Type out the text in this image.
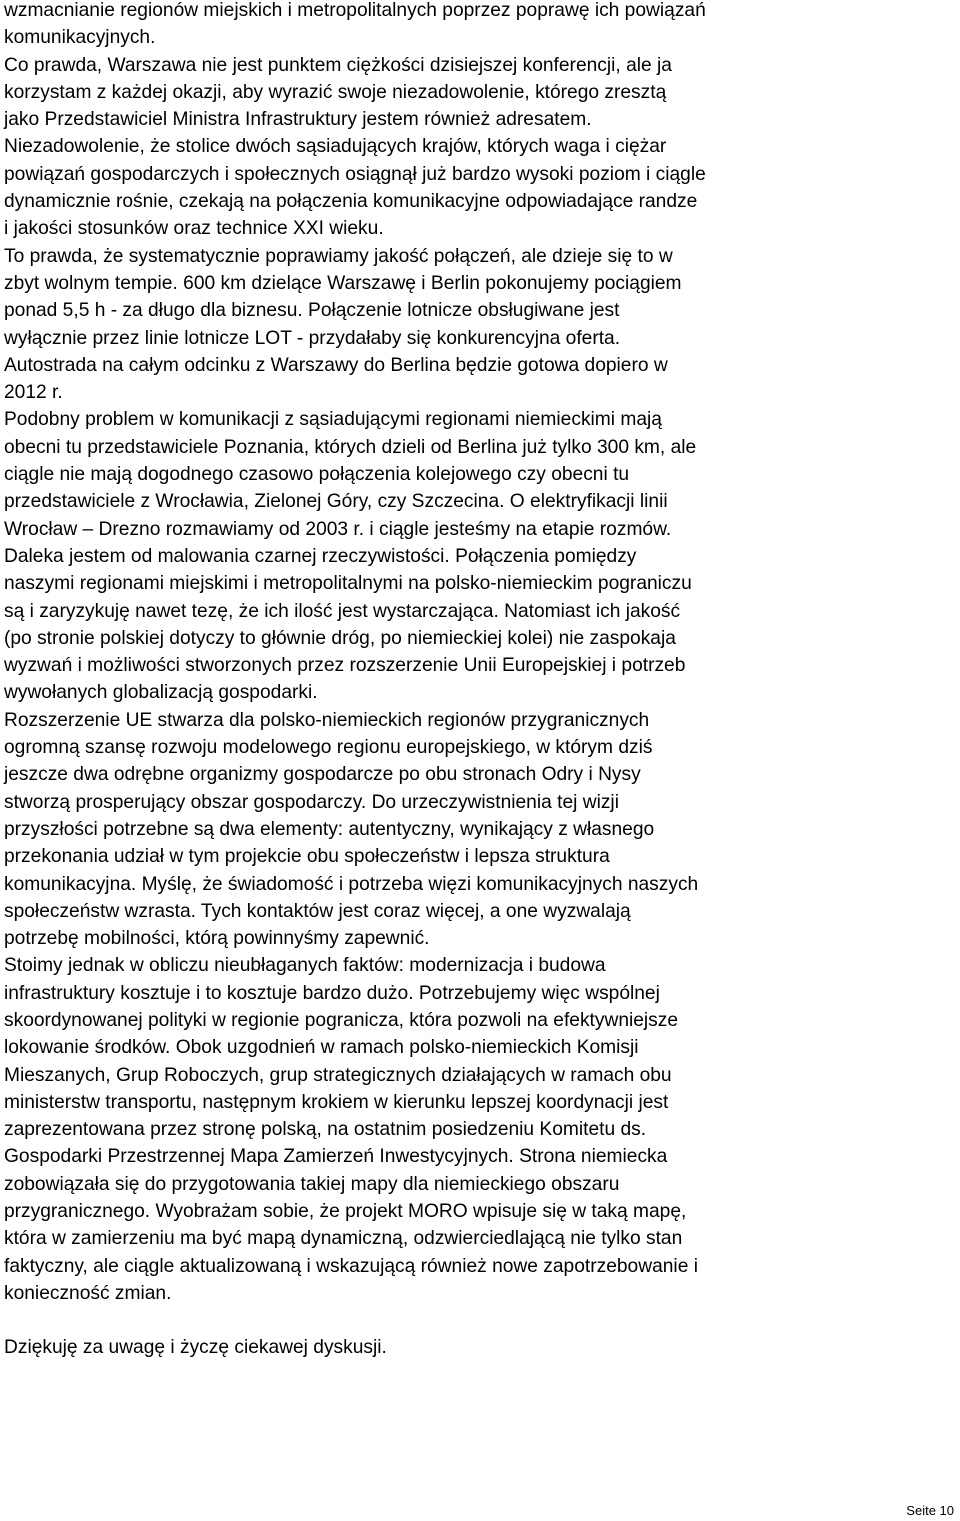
wzmacnianie regionów miejskich i metropolitalnych poprzez poprawę ich powiązań
komunikacyjnych.

Co prawda, Warszawa nie jest punktem ciężkości dzisiejszej konferencji, ale ja
korzystam z każdej okazji, aby wyrazić swoje niezadowolenie, którego zresztą
jako Przedstawiciel Ministra Infrastruktury jestem również adresatem.
Niezadowolenie, że stolice dwóch sąsiadujących krajów, których waga i ciężar
powiązań gospodarczych i społecznych osiągnął już bardzo wysoki poziom i ciągle
dynamicznie rośnie, czekają na połączenia komunikacyjne odpowiadające randze
i jakości stosunków oraz technice XXI wieku.

To prawda, że systematycznie poprawiamy jakość połączeń, ale dzieje się to w
zbyt wolnym tempie. 600 km dzielące Warszawę i Berlin pokonujemy pociągiem
ponad 5,5 h - za długo dla biznesu. Połączenie lotnicze obsługiwane jest
wyłącznie przez linie lotnicze LOT - przydałaby się konkurencyjna oferta.
Autostrada na całym odcinku z Warszawy do Berlina będzie gotowa dopiero w
2012 r.

Podobny problem w komunikacji z sąsiadującymi regionami niemieckimi mają
obecni tu przedstawiciele Poznania, których dzieli od Berlina już tylko 300 km, ale
ciągle nie mają dogodnego czasowo połączenia kolejowego czy obecni tu
przedstawiciele z Wrocławia, Zielonej Góry, czy Szczecina. O elektryfikacji linii
Wrocław – Drezno rozmawiamy od 2003 r. i ciągle jesteśmy na etapie rozmów.
Daleka jestem od malowania czarnej rzeczywistości. Połączenia pomiędzy
naszymi regionami miejskimi i metropolitalnymi na polsko-niemieckim pograniczu
są i zaryzykuję nawet tezę, że ich ilość jest wystarczająca. Natomiast ich jakość
(po stronie polskiej dotyczy to głównie dróg, po niemieckiej kolei) nie zaspokaja
wyzwań i możliwości stworzonych przez rozszerzenie Unii Europejskiej i potrzeb
wywołanych globalizacją gospodarki.

Rozszerzenie UE stwarza dla polsko-niemieckich regionów przygranicznych
ogromną szansę rozwoju modelowego regionu europejskiego, w którym dziś
jeszcze dwa odrębne organizmy gospodarcze po obu stronach Odry i Nysy
stworzą prosperujący obszar gospodarczy. Do urzeczywistnienia tej wizji
przyszłości potrzebne są dwa elementy: autentyczny, wynikający z własnego
przekonania udział w tym projekcie obu społeczeństw i lepsza struktura
komunikacyjna. Myślę, że świadomość i potrzeba więzi komunikacyjnych naszych
społeczeństw wzrasta. Tych kontaktów jest coraz więcej, a one wyzwalają
potrzebę mobilności, którą powinnyśmy zapewnić.

Stoimy jednak w obliczu nieubłaganych faktów: modernizacja i budowa
infrastruktury kosztuje i to kosztuje bardzo dużo. Potrzebujemy więc wspólnej
skoordynowanej polityki w regionie pogranicza, która pozwoli na efektywniejsze
lokowanie środków. Obok uzgodnień w ramach polsko-niemieckich Komisji
Mieszanych, Grup Roboczych, grup strategicznych działających w ramach obu
ministerstw transportu, następnym krokiem w kierunku lepszej koordynacji jest
zaprezentowana przez stronę polską, na ostatnim posiedzeniu Komitetu ds.
Gospodarki Przestrzennej Mapa Zamierzeń Inwestycyjnych. Strona niemiecka
zobowiązała się do przygotowania takiej mapy dla niemieckiego obszaru
przygranicznego. Wyobrażam sobie, że projekt MORO wpisuje się w taką mapę,
która w zamierzeniu ma być mapą dynamiczną, odzwierciedlającą nie tylko stan
faktyczny, ale ciągle aktualizowaną i wskazującą również nowe zapotrzebowanie i
konieczność zmian.

Dziękuję za uwagę i życzę ciekawej dyskusji.

Seite 10
